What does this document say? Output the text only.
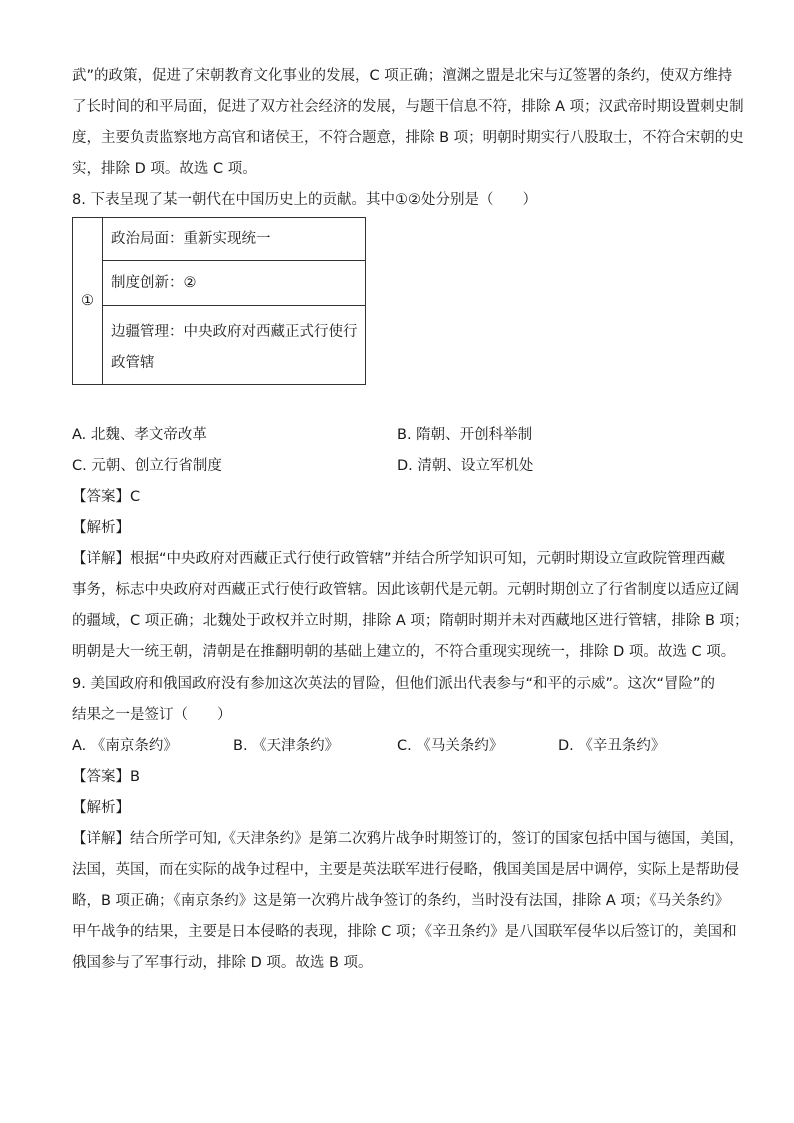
武”的政策，促进了宋朝教育文化事业的发展，C 项正确；澶渊之盟是北宋与辽签署的条约，使双方维持
了长时间的和平局面，促进了双方社会经济的发展，与题干信息不符，排除 A 项；汉武帝时期设置刺史制
度，主要负责监察地方高官和诸侯王，不符合题意，排除 B 项；明朝时期实行八股取士，不符合宋朝的史
实，排除 D 项。故选 C 项。
8. 下表呈现了某一朝代在中国历史上的贡献。其中①②处分别是（　　）
①
政治局面：重新实现统一
制度创新：②
边疆管理：中央政府对西藏正式行使行
政管辖
A. 北魏、孝文帝改革	B. 隋朝、开创科举制
C. 元朝、创立行省制度	D. 清朝、设立军机处
【答案】C
【解析】
【详解】根据“中央政府对西藏正式行使行政管辖”并结合所学知识可知，元朝时期设立宣政院管理西藏
事务，标志中央政府对西藏正式行使行政管辖。因此该朝代是元朝。元朝时期创立了行省制度以适应辽阔
的疆域，C 项正确；北魏处于政权并立时期，排除 A 项；隋朝时期并未对西藏地区进行管辖，排除 B 项；
明朝是大一统王朝，清朝是在推翻明朝的基础上建立的，不符合重现实现统一，排除 D 项。故选 C 项。
9. 美国政府和俄国政府没有参加这次英法的冒险，但他们派出代表参与“和平的示威”。这次“冒险”的
结果之一是签订（　　）
A. 《南京条约》	B. 《天津条约》	C. 《马关条约》	D. 《辛丑条约》
【答案】B
【解析】
【详解】结合所学可知,《天津条约》是第二次鸦片战争时期签订的，签订的国家包括中国与德国，美国，
法国，英国，而在实际的战争过程中，主要是英法联军进行侵略，俄国美国是居中调停，实际上是帮助侵
略，B 项正确；《南京条约》这是第一次鸦片战争签订的条约，当时没有法国，排除 A 项；《马关条约》
甲午战争的结果，主要是日本侵略的表现，排除 C 项；《辛丑条约》是八国联军侵华以后签订的，美国和
俄国参与了军事行动，排除 D 项。故选 B 项。
